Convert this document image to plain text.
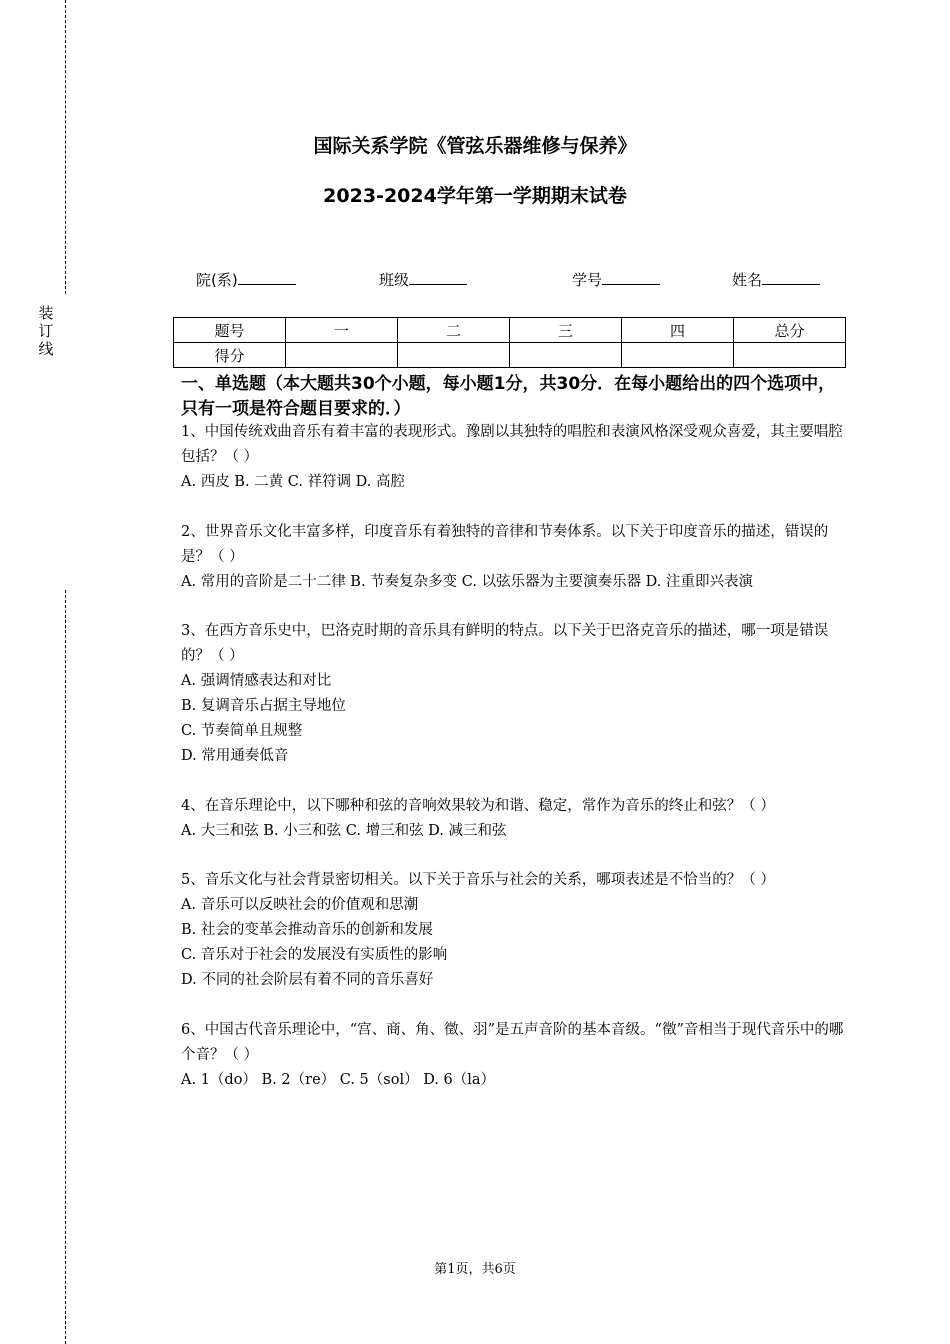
装
订
线
国际关系学院《管弦乐器维修与保养》
2023-2024学年第一学期期末试卷
院(系)	班级	学号	姓名
题号	一	二	三	四	总分
得分					
一、单选题（本大题共30个小题，每小题1分，共30分．在每小题给出的四个选项中，只有一项是符合题目要求的．）

1、中国传统戏曲音乐有着丰富的表现形式。豫剧以其独特的唱腔和表演风格深受观众喜爱，其主要唱腔包括？（ ）

A. 西皮 B. 二黄 C. 祥符调 D. 高腔

2、世界音乐文化丰富多样，印度音乐有着独特的音律和节奏体系。以下关于印度音乐的描述，错误的是？（ ）

A. 常用的音阶是二十二律 B. 节奏复杂多变 C. 以弦乐器为主要演奏乐器 D. 注重即兴表演

3、在西方音乐史中，巴洛克时期的音乐具有鲜明的特点。以下关于巴洛克音乐的描述，哪一项是错误的？（ ）

A. 强调情感表达和对比

B. 复调音乐占据主导地位

C. 节奏简单且规整

D. 常用通奏低音

4、在音乐理论中，以下哪种和弦的音响效果较为和谐、稳定，常作为音乐的终止和弦？（ ）

A. 大三和弦 B. 小三和弦 C. 增三和弦 D. 减三和弦

5、音乐文化与社会背景密切相关。以下关于音乐与社会的关系，哪项表述是不恰当的？（ ）

A. 音乐可以反映社会的价值观和思潮

B. 社会的变革会推动音乐的创新和发展

C. 音乐对于社会的发展没有实质性的影响

D. 不同的社会阶层有着不同的音乐喜好

6、中国古代音乐理论中，“宫、商、角、徵、羽”是五声音阶的基本音级。“徵”音相当于现代音乐中的哪个音？（ ）

A. 1（do） B. 2（re） C. 5（sol） D. 6（la）

第1页，共6页
